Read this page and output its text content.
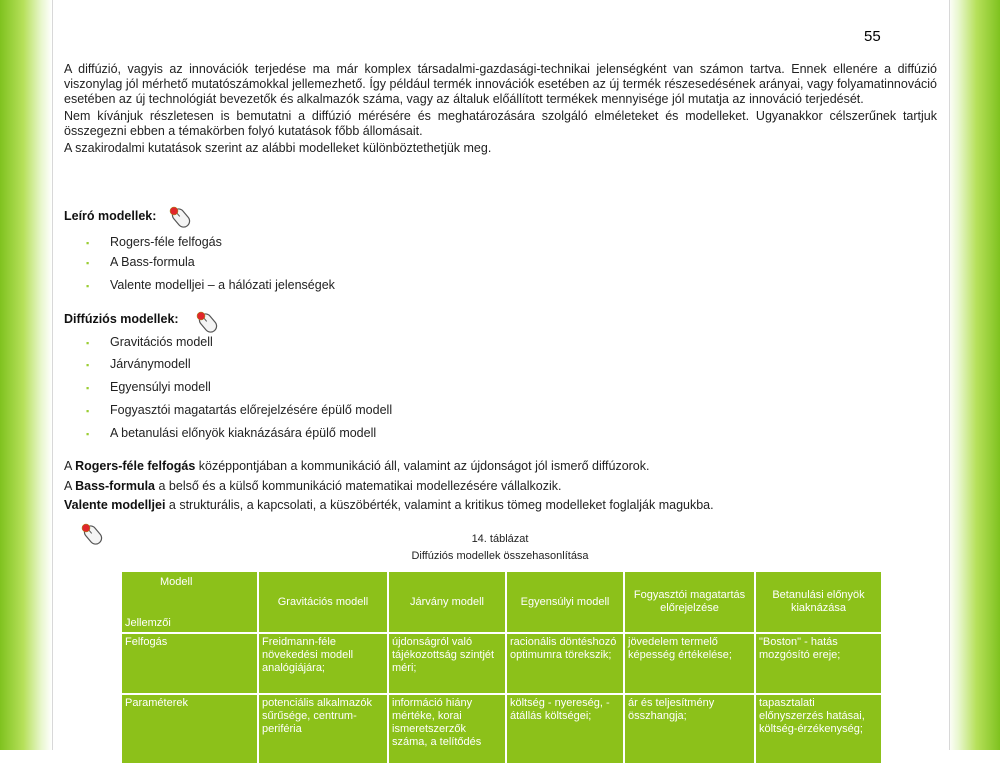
55

A diffúzió, vagyis az innovációk terjedése ma már komplex társadalmi-gazdasági-technikai jelenségként van számon tartva. Ennek ellenére a diffúzió viszonylag jól mérhető mutatószámokkal jellemezhető. Így például termék innovációk esetében az új termék részesedésének arányai, vagy folyamatinnováció esetében az új technológiát bevezetők és alkalmazók száma, vagy az általuk előállított termékek mennyisége jól mutatja az innováció terjedését.

Nem kívánjuk részletesen is bemutatni a diffúzió mérésére és meghatározására szolgáló elméleteket és modelleket. Ugyanakkor célszerűnek tartjuk összegezni ebben a témakörben folyó kutatások főbb állomásait.

A szakirodalmi kutatások szerint az alábbi modelleket különböztethetjük meg.

Leíró modellek:
▪ Rogers-féle felfogás
▪ A Bass-formula
▪ Valente modelljei – a hálózati jelenségek
Diffúziós modellek:
▪ Gravitációs modell
▪ Járványmodell
▪ Egyensúlyi modell
▪ Fogyasztói magatartás előrejelzésére épülő modell
▪ A betanulási előnyök kiaknázására épülő modell
A Rogers-féle felfogás középpontjában a kommunikáció áll, valamint az újdonságot jól ismerő diffúzorok.
A Bass-formula a belső és a külső kommunikáció matematikai modellezésére vállalkozik.
Valente modelljei a strukturális, a kapcsolati, a küszöbérték, valamint a kritikus tömeg modelleket foglalják magukba.
14. táblázat
Diffúziós modellek összehasonlítása
Modell
Jellemzői	Gravitációs modell	Járvány modell	Egyensúlyi modell	Fogyasztói magatartás előrejelzése	Betanulási előnyök kiaknázása
Felfogás	Freidmann-féle növekedési modell analógiájára;	újdonságról való tájékozottság szintjét méri;	racionális döntéshozó optimumra törekszik;	jövedelem termelő képesség értékelése;	"Boston" - hatás mozgósító ereje;
Paraméterek	potenciális alkalmazók sűrűsége, centrum-periféria	információ hiány mértéke, korai ismeretszerzők száma, a telítődés	költség - nyereség, - átállás költségei;	ár és teljesítmény összhangja;	tapasztalati előnyszerzés hatásai, költség-érzékenység;
